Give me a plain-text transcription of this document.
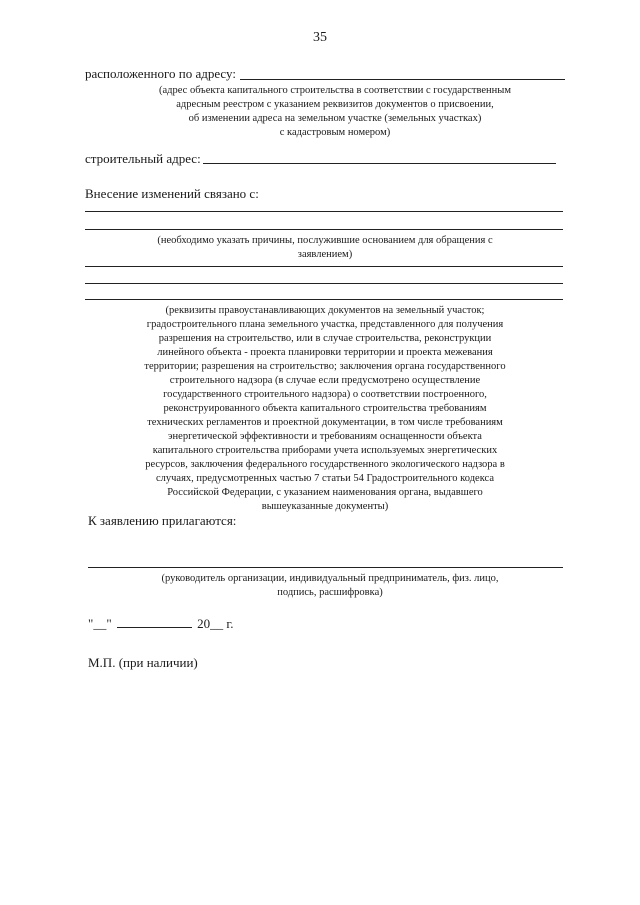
35
расположенного по адресу:
(адрес объекта капитального строительства в соответствии с государственным
адресным реестром с указанием реквизитов документов о присвоении,
об изменении адреса на земельном участке (земельных участках)
с кадастровым номером)
строительный адрес:
Внесение изменений связано с:
(необходимо указать причины, послужившие основанием для обращения с
заявлением)
(реквизиты правоустанавливающих документов на земельный участок;
градостроительного плана земельного участка, представленного для получения
разрешения на строительство, или в случае строительства, реконструкции
линейного объекта - проекта планировки территории и проекта межевания
территории; разрешения на строительство; заключения органа государственного
строительного надзора (в случае если предусмотрено осуществление
государственного строительного надзора) о соответствии построенного,
реконструированного объекта капитального строительства требованиям
технических регламентов и проектной документации, в том числе требованиям
энергетической эффективности и требованиям оснащенности объекта
капитального строительства приборами учета используемых энергетических
ресурсов, заключения федерального государственного экологического надзора в
случаях, предусмотренных частью 7 статьи 54 Градостроительного кодекса
Российской Федерации, с указанием наименования органа, выдавшего
вышеуказанные документы)
К заявлению прилагаются:
(руководитель организации, индивидуальный предприниматель, физ. лицо,
подпись, расшифровка)
"__"	20__ г.
М.П. (при наличии)
